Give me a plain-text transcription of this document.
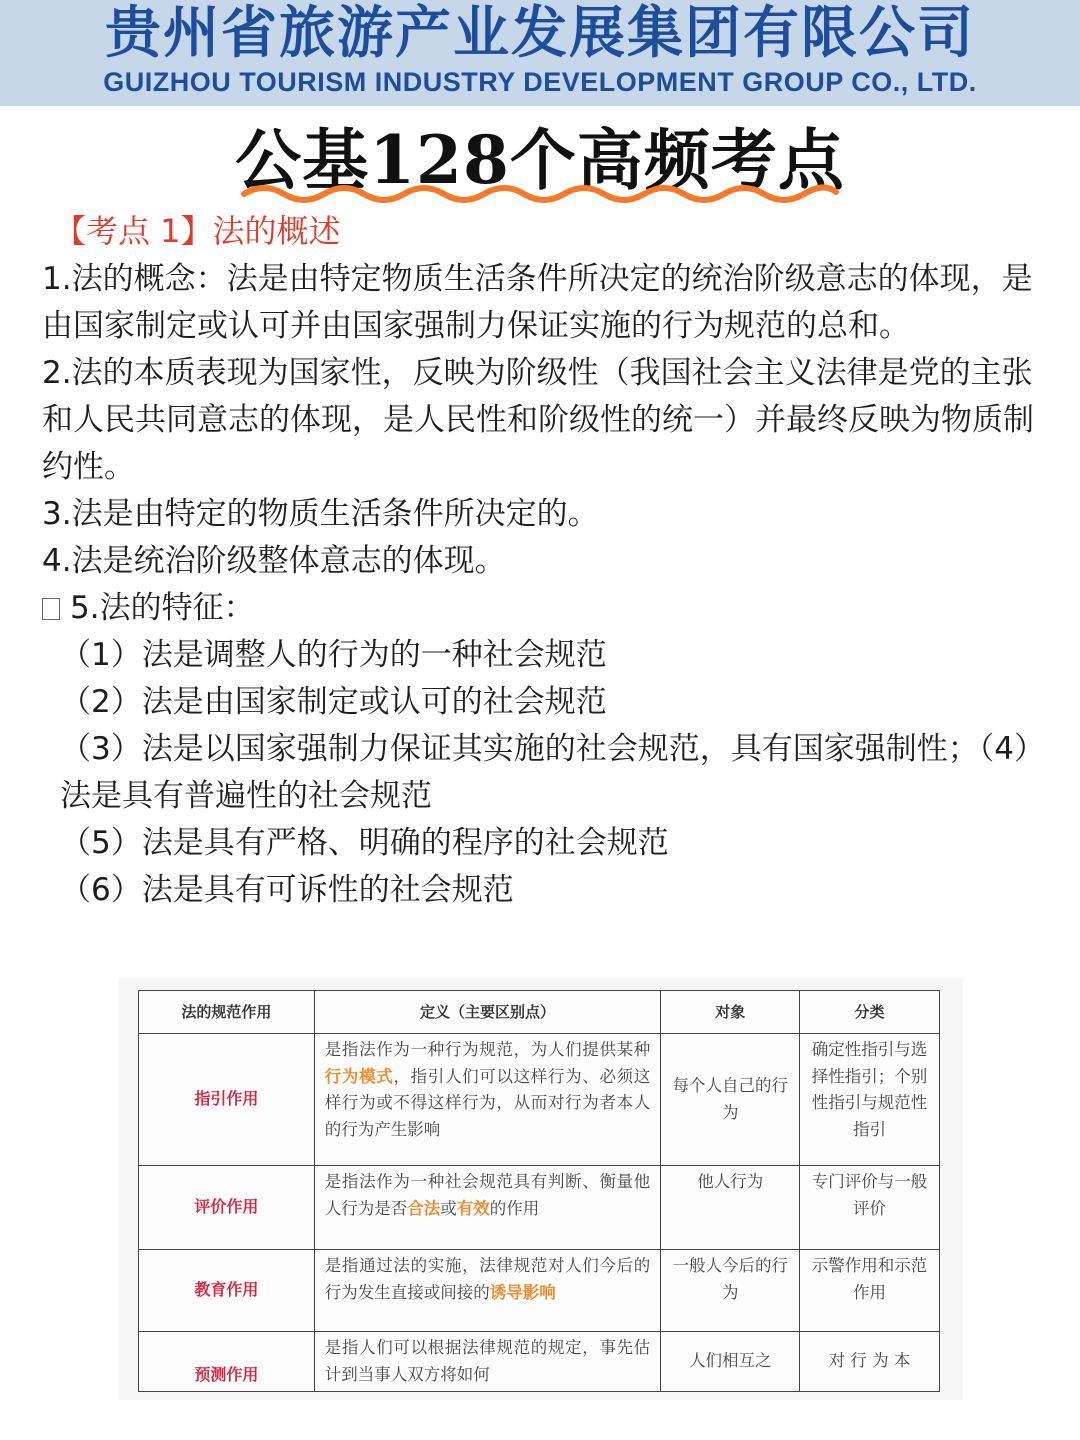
贵州省旅游产业发展集团有限公司
GUIZHOU TOURISM INDUSTRY DEVELOPMENT GROUP CO., LTD.
公基128个高频考点
【考点 1】法的概述

1.法的概念：法是由特定物质生活条件所决定的统治阶级意志的体现，是由国家制定或认可并由国家强制力保证实施的行为规范的总和。

2.法的本质表现为国家性，反映为阶级性（我国社会主义法律是党的主张和人民共同意志的体现，是人民性和阶级性的统一）并最终反映为物质制约性。

3.法是由特定的物质生活条件所决定的。

4.法是统治阶级整体意志的体现。

5.法的特征：

（1）法是调整人的行为的一种社会规范

（2）法是由国家制定或认可的社会规范

（3）法是以国家强制力保证其实施的社会规范，具有国家强制性；（4）法是具有普遍性的社会规范

（5）法是具有严格、明确的程序的社会规范

（6）法是具有可诉性的社会规范

法的规范作用	定义（主要区别点）	对象	分类
指引作用	是指法作为一种行为规范，为人们提供某种行为模式，指引人们可以这样行为、必须这样行为或不得这样行为，从而对行为者本人的行为产生影响	每个人自己的行为	确定性指引与选择性指引；个别性指引与规范性指引
评价作用	是指法作为一种社会规范具有判断、衡量他人行为是否合法或有效的作用	他人行为	专门评价与一般评价
教育作用	是指通过法的实施，法律规范对人们今后的行为发生直接或间接的诱导影响	一般人今后的行为	示警作用和示范作用
预测作用	是指人们可以根据法律规范的规定，事先估计到当事人双方将如何	人们相互之	对 行 为 本
